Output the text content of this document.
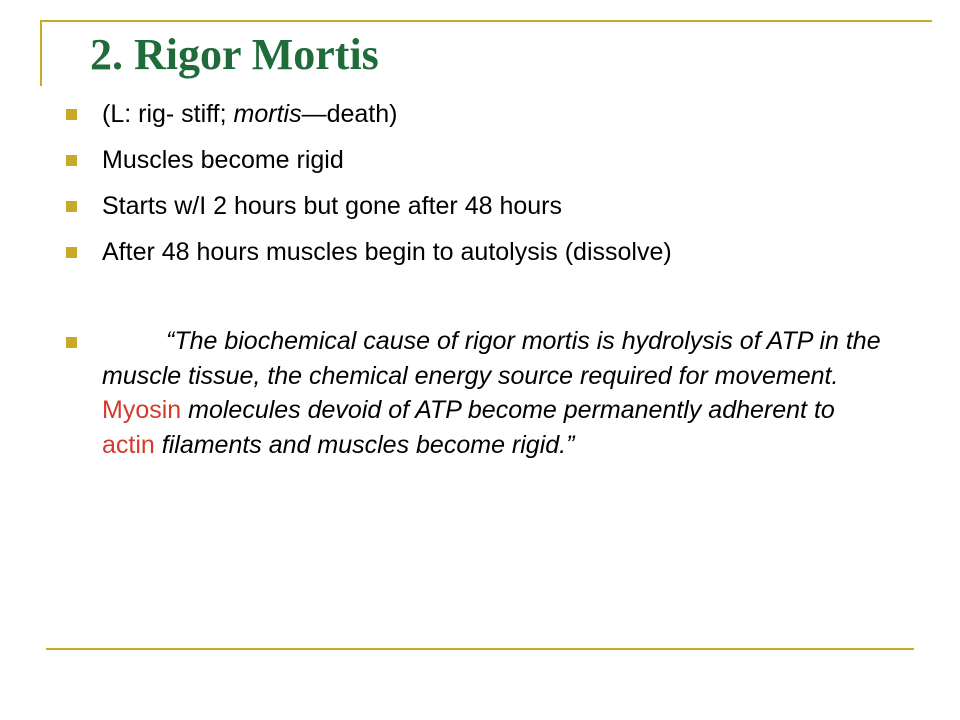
2. Rigor Mortis
(L: rig- stiff; mortis—death)
Muscles become rigid
Starts w/I 2 hours but gone after 48 hours
After 48 hours muscles begin to autolysis (dissolve)
“The biochemical cause of rigor mortis is hydrolysis of ATP in the muscle tissue, the chemical energy source required for movement. Myosin molecules devoid of ATP become permanently adherent to actin filaments and muscles become rigid.”
